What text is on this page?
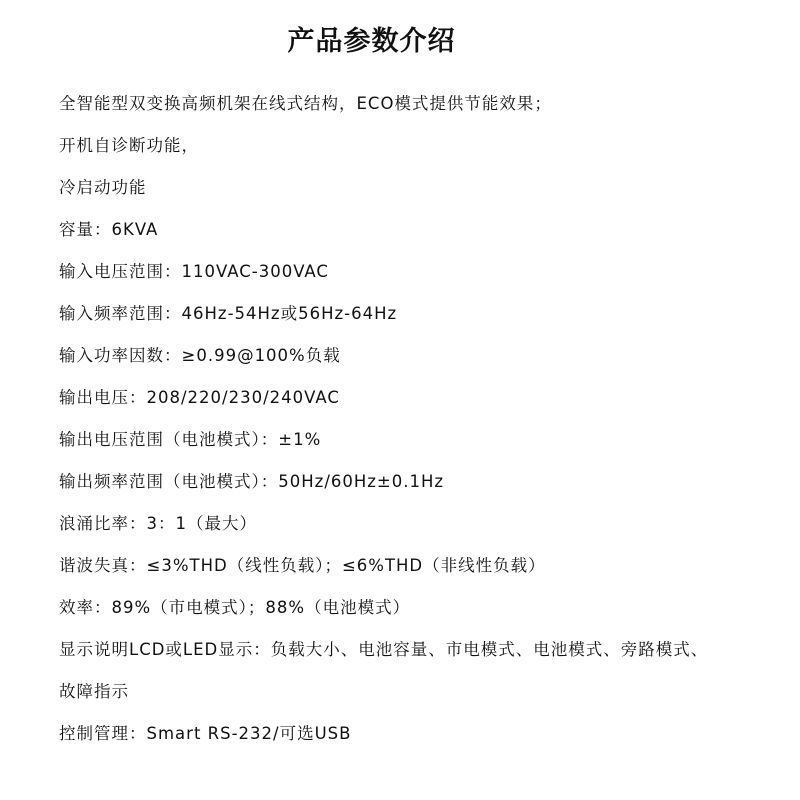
产品参数介绍
全智能型双变换高频机架在线式结构，ECO模式提供节能效果；
开机自诊断功能，
冷启动功能
容量：6KVA
输入电压范围：110VAC-300VAC
输入频率范围：46Hz-54Hz或56Hz-64Hz
输入功率因数：≥0.99@100%负载
输出电压：208/220/230/240VAC
输出电压范围（电池模式）：±1%
输出频率范围（电池模式）：50Hz/60Hz±0.1Hz
浪涌比率：3：1（最大）
谐波失真：≤3%THD（线性负载）；≤6%THD（非线性负载）
效率：89%（市电模式）；88%（电池模式）
显示说明LCD或LED显示：负载大小、电池容量、市电模式、电池模式、旁路模式、
故障指示
控制管理：Smart RS-232/可选USB
